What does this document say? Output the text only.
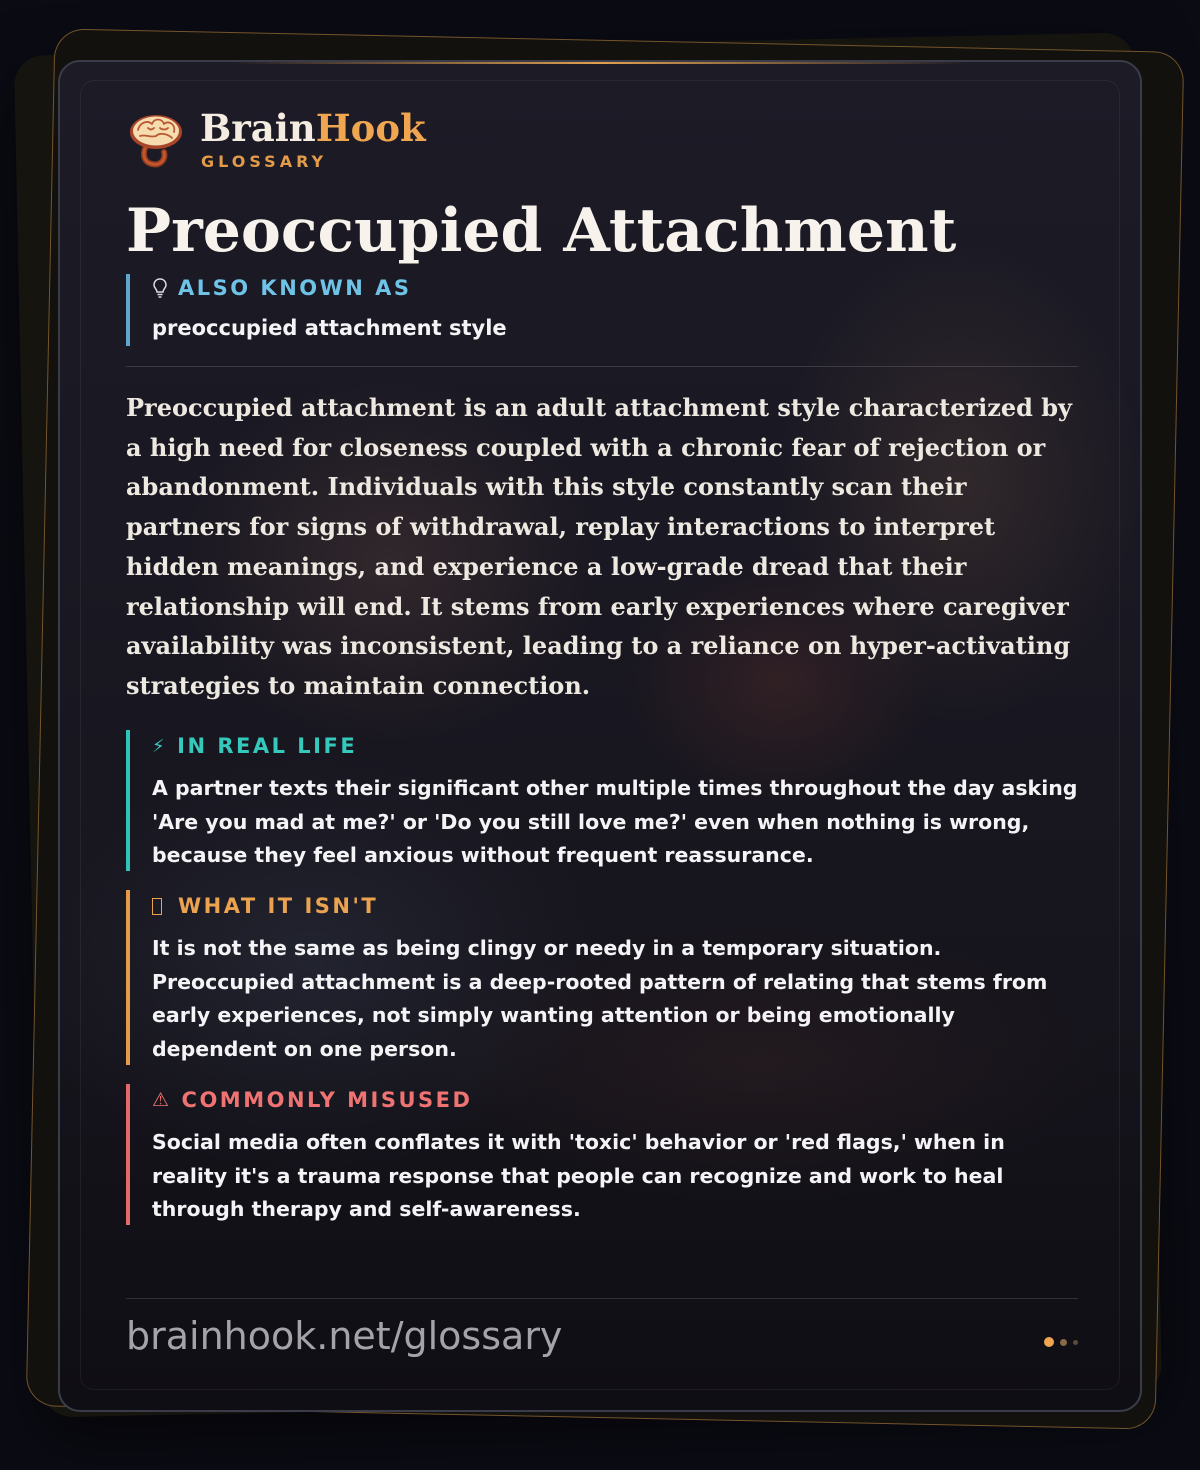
BrainHook
GLOSSARY
Preoccupied Attachment
ALSO KNOWN AS
preoccupied attachment style
Preoccupied attachment is an adult attachment style characterized by a high need for closeness coupled with a chronic fear of rejection or abandonment. Individuals with this style constantly scan their partners for signs of withdrawal, replay interactions to interpret hidden meanings, and experience a low-grade dread that their relationship will end. It stems from early experiences where caregiver availability was inconsistent, leading to a reliance on hyper-activating strategies to maintain connection.
⚡ IN REAL LIFE
A partner texts their significant other multiple times throughout the day asking 'Are you mad at me?' or 'Do you still love me?' even when nothing is wrong, because they feel anxious without frequent reassurance.
WHAT IT ISN'T
It is not the same as being clingy or needy in a temporary situation. Preoccupied attachment is a deep-rooted pattern of relating that stems from early experiences, not simply wanting attention or being emotionally dependent on one person.
⚠ COMMONLY MISUSED
Social media often conflates it with 'toxic' behavior or 'red flags,' when in reality it's a trauma response that people can recognize and work to heal through therapy and self-awareness.
brainhook.net/glossary
